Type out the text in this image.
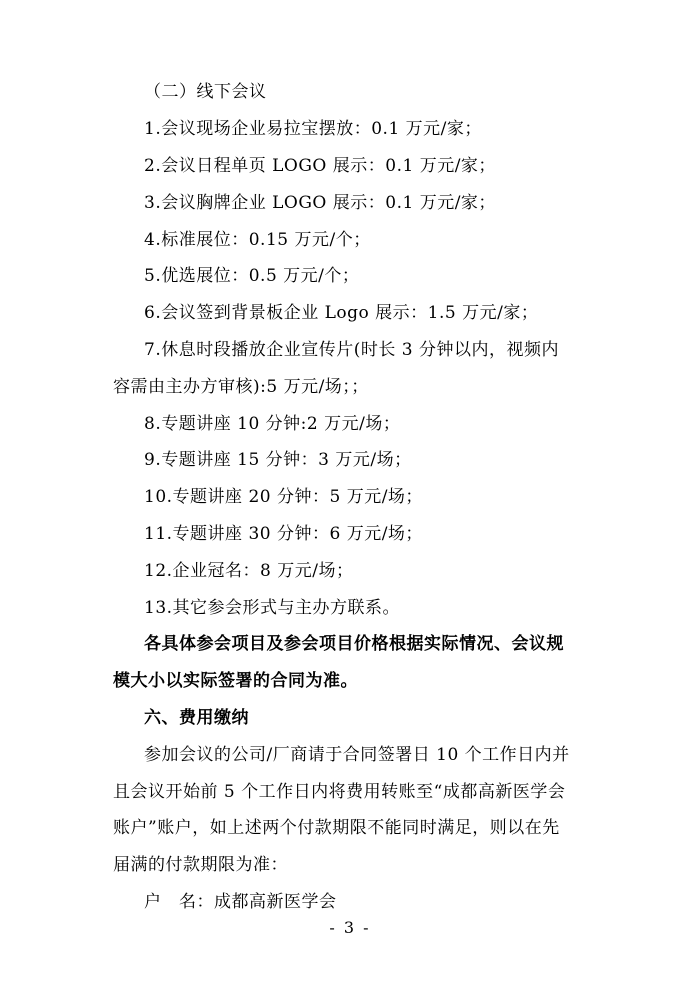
（二）线下会议
1.会议现场企业易拉宝摆放：0.1 万元/家；
2.会议日程单页 LOGO 展示：0.1 万元/家；
3.会议胸牌企业 LOGO 展示：0.1 万元/家；
4.标准展位：0.15 万元/个；
5.优选展位：0.5 万元/个；
6.会议签到背景板企业 Logo 展示：1.5 万元/家；
7.休息时段播放企业宣传片(时长 3 分钟以内，视频内
容需由主办方审核):5 万元/场；；
8.专题讲座 10 分钟:2 万元/场；
9.专题讲座 15 分钟：3 万元/场；
10.专题讲座 20 分钟：5 万元/场；
11.专题讲座 30 分钟：6 万元/场；
12.企业冠名：8 万元/场；
13.其它参会形式与主办方联系。
各具体参会项目及参会项目价格根据实际情况、会议规
模大小以实际签署的合同为准。
六、费用缴纳
参加会议的公司/厂商请于合同签署日 10 个工作日内并
且会议开始前 5 个工作日内将费用转账至“成都高新医学会
账户”账户，如上述两个付款期限不能同时满足，则以在先
届满的付款期限为准：
户　名：成都高新医学会
- 3 -
